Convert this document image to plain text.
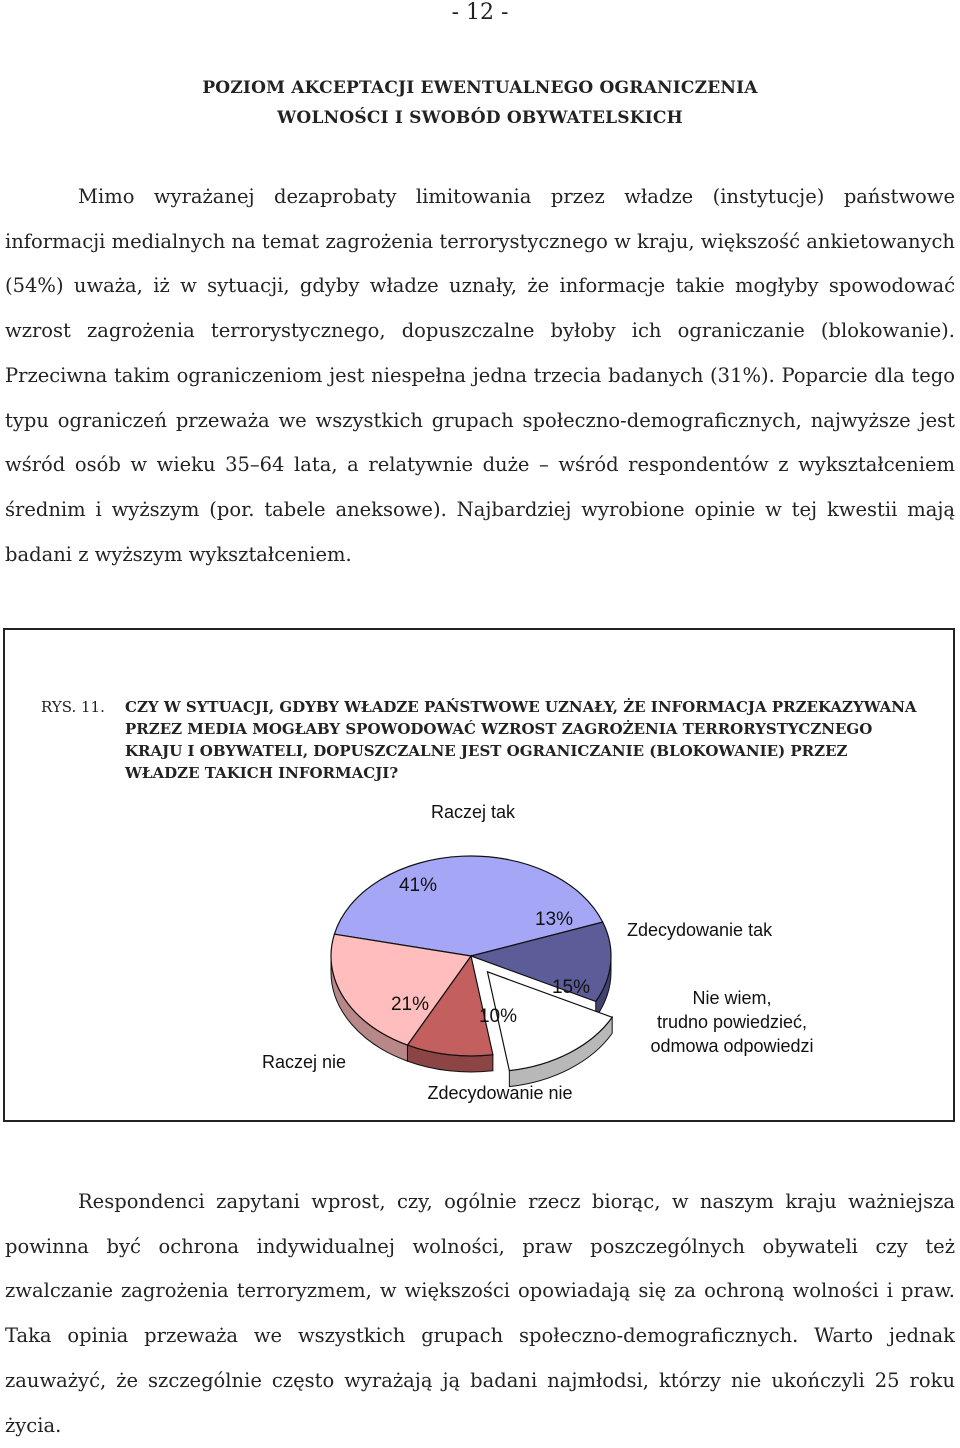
- 12 -
POZIOM AKCEPTACJI EWENTUALNEGO OGRANICZENIA
WOLNOŚCI I SWOBÓD OBYWATELSKICH

Mimo wyrażanej dezaprobaty limitowania przez władze (instytucje) państwowe informacji medialnych na temat zagrożenia terrorystycznego w kraju, większość ankietowanych (54%) uważa, iż w sytuacji, gdyby władze uznały, że informacje takie mogłyby spowodować wzrost zagrożenia terrorystycznego, dopuszczalne byłoby ich ograniczanie (blokowanie). Przeciwna takim ograniczeniom jest niespełna jedna trzecia badanych (31%). Poparcie dla tego typu ograniczeń przeważa we wszystkich grupach społeczno-demograficznych, najwyższe jest wśród osób w wieku 35–64 lata, a relatywnie duże – wśród respondentów z wykształceniem średnim i wyższym (por. tabele aneksowe). Najbardziej wyrobione opinie w tej kwestii mają badani z wyższym wykształceniem.

RYS. 11. CZY W SYTUACJI, GDYBY WŁADZE PAŃSTWOWE UZNAŁY, ŻE INFORMACJA PRZEKAZYWANA PRZEZ MEDIA MOGŁABY SPOWODOWAĆ WZROST ZAGROŻENIA TERRORYSTYCZNEGO KRAJU I OBYWATELI, DOPUSZCZALNE JEST OGRANICZANIE (BLOKOWANIE) PRZEZ WŁADZE TAKICH INFORMACJI?

Raczej tak
Zdecydowanie tak
Nie wiem,
trudno powiedzieć,
odmowa odpowiedzi
Zdecydowanie nie
Raczej nie
41%
13%
15%
10%
21%

Respondenci zapytani wprost, czy, ogólnie rzecz biorąc, w naszym kraju ważniejsza powinna być ochrona indywidualnej wolności, praw poszczególnych obywateli czy też zwalczanie zagrożenia terroryzmem, w większości opowiadają się za ochroną wolności i praw. Taka opinia przeważa we wszystkich grupach społeczno-demograficznych. Warto jednak zauważyć, że szczególnie często wyrażają ją badani najmłodsi, którzy nie ukończyli 25 roku życia.
